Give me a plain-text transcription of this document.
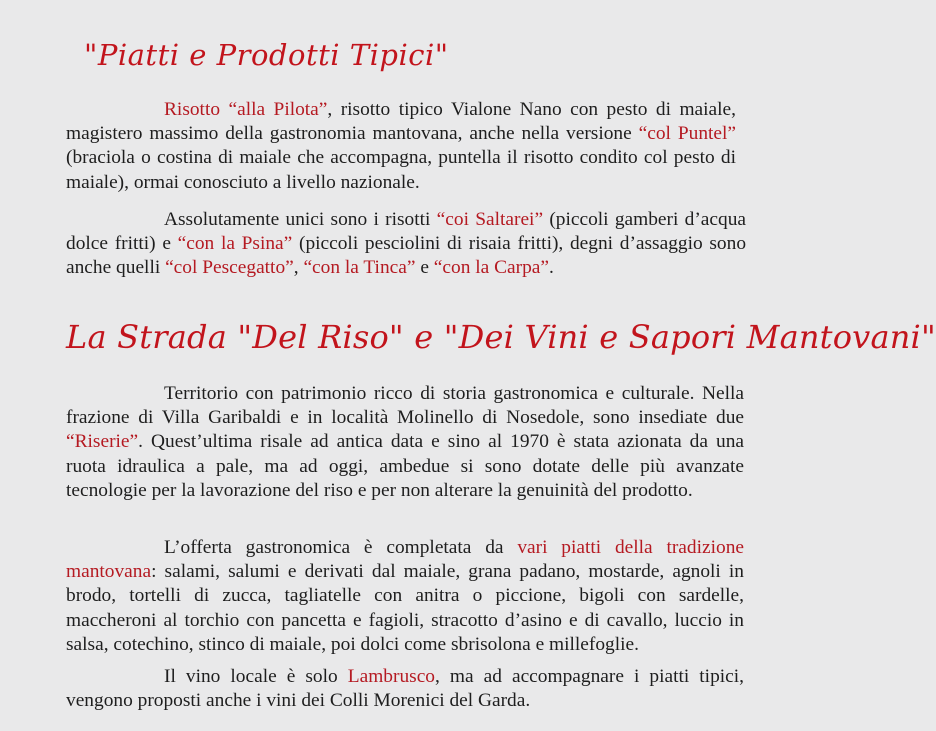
"Piatti e Prodotti Tipici"

Risotto “alla Pilota”, risotto tipico Vialone Nano con pesto di maiale, magistero massimo della gastronomia mantovana, anche nella versione “col Puntel” (braciola o costina di maiale che accompagna, puntella il risotto condito col pesto di maiale), ormai conosciuto a livello nazionale.

Assolutamente unici sono i risotti “coi Saltarei” (piccoli gamberi d’acqua dolce fritti) e “con la Psina” (piccoli pesciolini di risaia fritti), degni d’assaggio sono anche quelli “col Pescegatto”, “con la Tinca” e “con la Carpa”.

La Strada "Del Riso" e "Dei Vini e Sapori Mantovani"

Territorio con patrimonio ricco di storia gastronomica e culturale. Nella frazione di Villa Garibaldi e in località Molinello di Nosedole, sono insediate due “Riserie”. Quest’ultima risale ad antica data e sino al 1970 è stata azionata da una ruota idraulica a pale, ma ad oggi, ambedue si sono dotate delle più avanzate tecnologie per la lavorazione del riso e per non alterare la genuinità del prodotto.

L’offerta gastronomica è completata da vari piatti della tradizione mantovana: salami, salumi e derivati dal maiale, grana padano, mostarde, agnoli in brodo, tortelli di zucca, tagliatelle con anitra o piccione, bigoli con sardelle, maccheroni al torchio con pancetta e fagioli, stracotto d’asino e di cavallo, luccio in salsa, cotechino, stinco di maiale, poi dolci come sbrisolona e millefoglie.

Il vino locale è solo Lambrusco, ma ad accompagnare i piatti tipici, vengono proposti anche i vini dei Colli Morenici del Garda.
